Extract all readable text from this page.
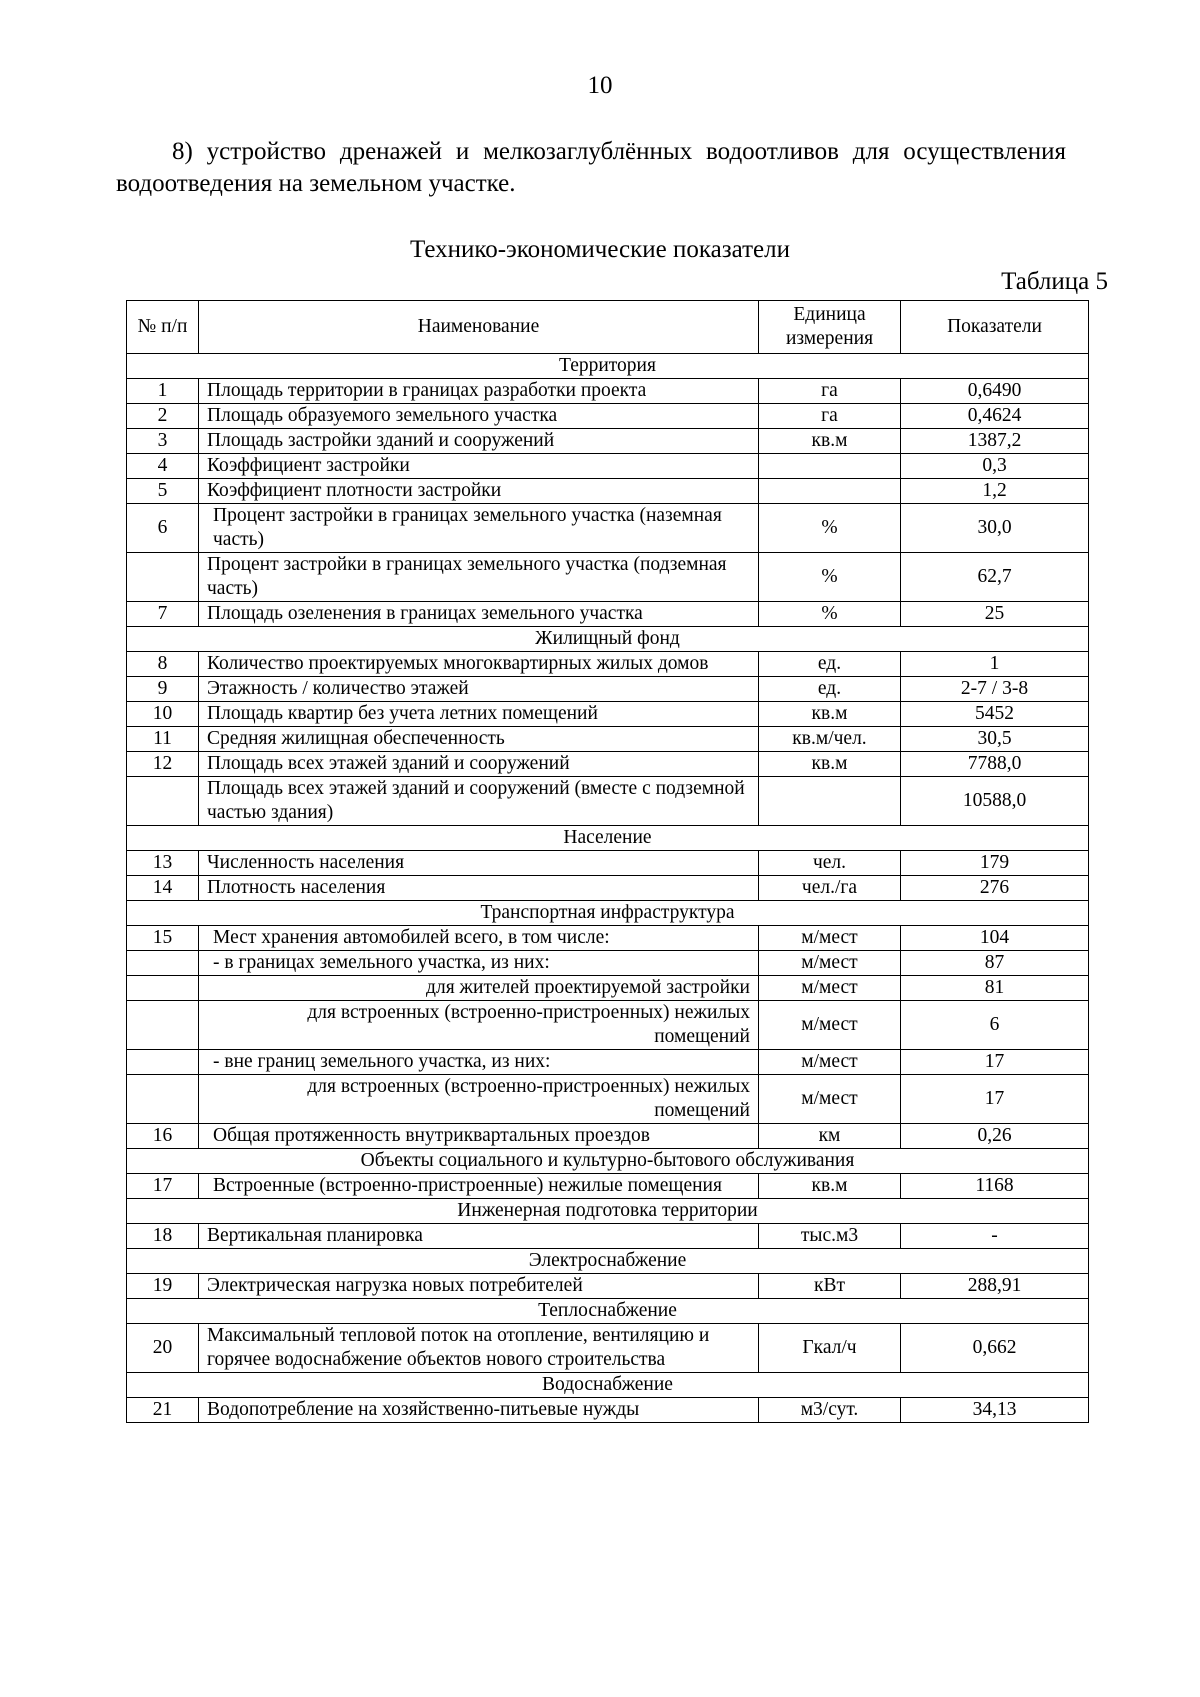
10

8) устройство дренажей и мелкозаглублённых водоотливов для осуществления водоотведения на земельном участке.

Технико-экономические показатели
Таблица 5
№ п/п	Наименование	Единица измерения	Показатели
Территория			
1	Площадь территории в границах разработки проекта	га	0,6490
2	Площадь образуемого земельного участка	га	0,4624
3	Площадь застройки зданий и сооружений	кв.м	1387,2
4	Коэффициент застройки		0,3
5	Коэффициент плотности застройки		1,2
6	Процент застройки в границах земельного участка (наземная часть)	%	30,0
	Процент застройки в границах земельного участка (подземная часть)	%	62,7
7	Площадь озеленения в границах земельного участка	%	25
Жилищный фонд			
8	Количество проектируемых многоквартирных жилых домов	ед.	1
9	Этажность / количество этажей	ед.	2-7 / 3-8
10	Площадь квартир без учета летних помещений	кв.м	5452
11	Средняя жилищная обеспеченность	кв.м/чел.	30,5
12	Площадь всех этажей зданий и сооружений	кв.м	7788,0
	Площадь всех этажей зданий и сооружений (вместе с подземной частью здания)		10588,0
Население			
13	Численность населения	чел.	179
14	Плотность населения	чел./га	276
Транспортная инфраструктура			
15	Мест хранения автомобилей всего, в том числе:	м/мест	104
	- в границах земельного участка, из них:	м/мест	87
	для жителей проектируемой застройки	м/мест	81
	для встроенных (встроенно-пристроенных) нежилых помещений	м/мест	6
	- вне границ земельного участка, из них:	м/мест	17
	для встроенных (встроенно-пристроенных) нежилых помещений	м/мест	17
16	Общая протяженность внутриквартальных проездов	км	0,26
Объекты социального и культурно-бытового обслуживания			
17	Встроенные (встроенно-пристроенные) нежилые помещения	кв.м	1168
Инженерная подготовка территории			
18	Вертикальная планировка	тыс.м3	-
Электроснабжение			
19	Электрическая нагрузка новых потребителей	кВт	288,91
Теплоснабжение			
20	Максимальный тепловой поток на отопление, вентиляцию и горячее водоснабжение объектов нового строительства	Гкал/ч	0,662
Водоснабжение			
21	Водопотребление на хозяйственно-питьевые нужды	м3/сут.	34,13
